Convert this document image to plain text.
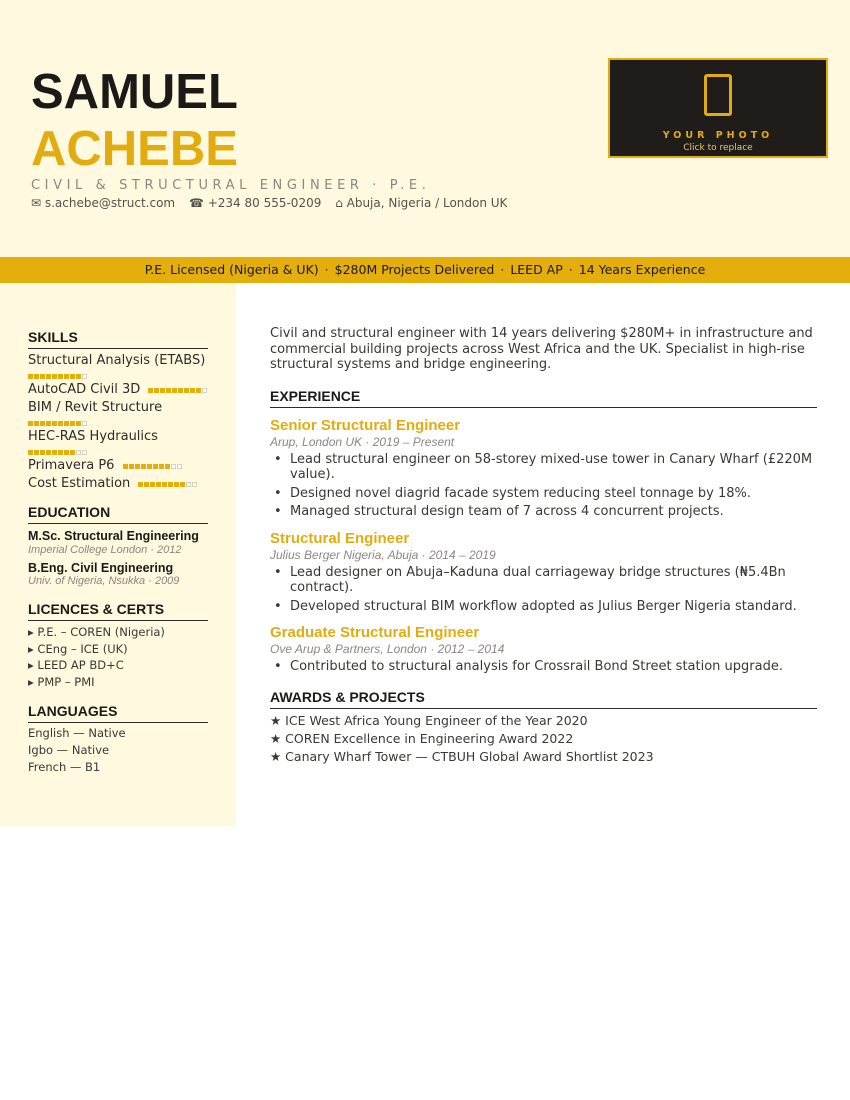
SAMUEL
ACHEBE
CIVIL & STRUCTURAL ENGINEER · P.E.
✉ s.achebe@struct.com ☎ +234 80 555-0209 ⌂ Abuja, Nigeria / London UK
YOUR PHOTO
Click to replace
P.E. Licensed (Nigeria & UK) · $280M Projects Delivered · LEED AP · 14 Years Experience
SKILLS
Structural Analysis (ETABS)
AutoCAD Civil 3D
BIM / Revit Structure
HEC-RAS Hydraulics
Primavera P6
Cost Estimation
EDUCATION
M.Sc. Structural Engineering
Imperial College London · 2012
B.Eng. Civil Engineering
Univ. of Nigeria, Nsukka · 2009
LICENCES & CERTS
▸ P.E. – COREN (Nigeria)
▸ CEng – ICE (UK)
▸ LEED AP BD+C
▸ PMP – PMI
LANGUAGES
English — Native
Igbo — Native
French — B1

Civil and structural engineer with 14 years delivering $280M+ in infrastructure and commercial building projects across West Africa and the UK. Specialist in high-rise structural systems and bridge engineering.

EXPERIENCE
Senior Structural Engineer
Arup, London UK · 2019 – Present
• Lead structural engineer on 58-storey mixed-use tower in Canary Wharf (£220M value).
• Designed novel diagrid facade system reducing steel tonnage by 18%.
• Managed structural design team of 7 across 4 concurrent projects.
Structural Engineer
Julius Berger Nigeria, Abuja · 2014 – 2019
• Lead designer on Abuja–Kaduna dual carriageway bridge structures (₦5.4Bn contract).
• Developed structural BIM workflow adopted as Julius Berger Nigeria standard.
Graduate Structural Engineer
Ove Arup & Partners, London · 2012 – 2014
• Contributed to structural analysis for Crossrail Bond Street station upgrade.
AWARDS & PROJECTS
★ ICE West Africa Young Engineer of the Year 2020
★ COREN Excellence in Engineering Award 2022
★ Canary Wharf Tower — CTBUH Global Award Shortlist 2023
